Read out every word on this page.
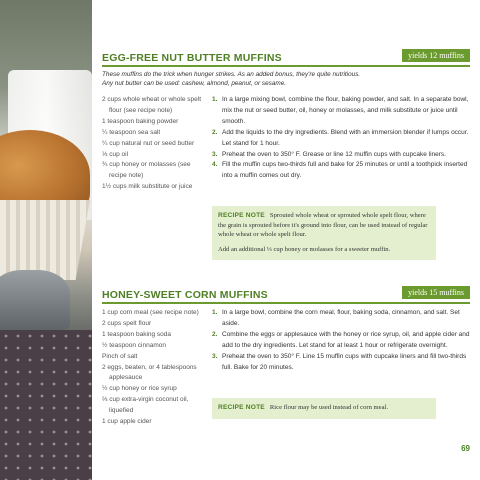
EGG-FREE NUT BUTTER MUFFINS	yields 12 muffins
These muffins do the trick when hunger strikes. As an added bonus, they're quite nutritious.
Any nut butter can be used: cashew, almond, peanut, or sesame.
2 cups whole wheat or whole spelt flour (see recipe note)
1 teaspoon baking powder
¼ teaspoon sea salt
¼ cup natural nut or seed butter
⅓ cup oil
¾ cup honey or molasses (see recipe note)
1½ cups milk substitute or juice
1. In a large mixing bowl, combine the flour, baking powder, and salt. In a separate bowl, mix the nut or seed butter, oil, honey or molasses, and milk substitute or juice until smooth.
2. Add the liquids to the dry ingredients. Blend with an immersion blender if lumps occur. Let stand for 1 hour.
3. Preheat the oven to 350° F. Grease or line 12 muffin cups with cupcake liners.
4. Fill the muffin cups two-thirds full and bake for 25 minutes or until a toothpick inserted into a muffin comes out dry.

RECIPE NOTE Sprouted whole wheat or sprouted whole spelt flour, where the grain is sprouted before it's ground into flour, can be used instead of regular whole wheat or whole spelt flour.

Add an additional ⅓ cup honey or molasses for a sweeter muffin.

HONEY-SWEET CORN MUFFINS	yields 15 muffins
1 cup corn meal (see recipe note)
2 cups spelt flour
1 teaspoon baking soda
½ teaspoon cinnamon
Pinch of salt
2 eggs, beaten, or 4 tablespoons applesauce
½ cup honey or rice syrup
⅔ cup extra-virgin coconut oil, liquefied
1 cup apple cider
1. In a large bowl, combine the corn meal, flour, baking soda, cinnamon, and salt. Set aside.
2. Combine the eggs or applesauce with the honey or rice syrup, oil, and apple cider and add to the dry ingredients. Let stand for at least 1 hour or refrigerate overnight.
3. Preheat the oven to 350° F. Line 15 muffin cups with cupcake liners and fill two-thirds full. Bake for 20 minutes.

RECIPE NOTE Rice flour may be used instead of corn meal.

69
